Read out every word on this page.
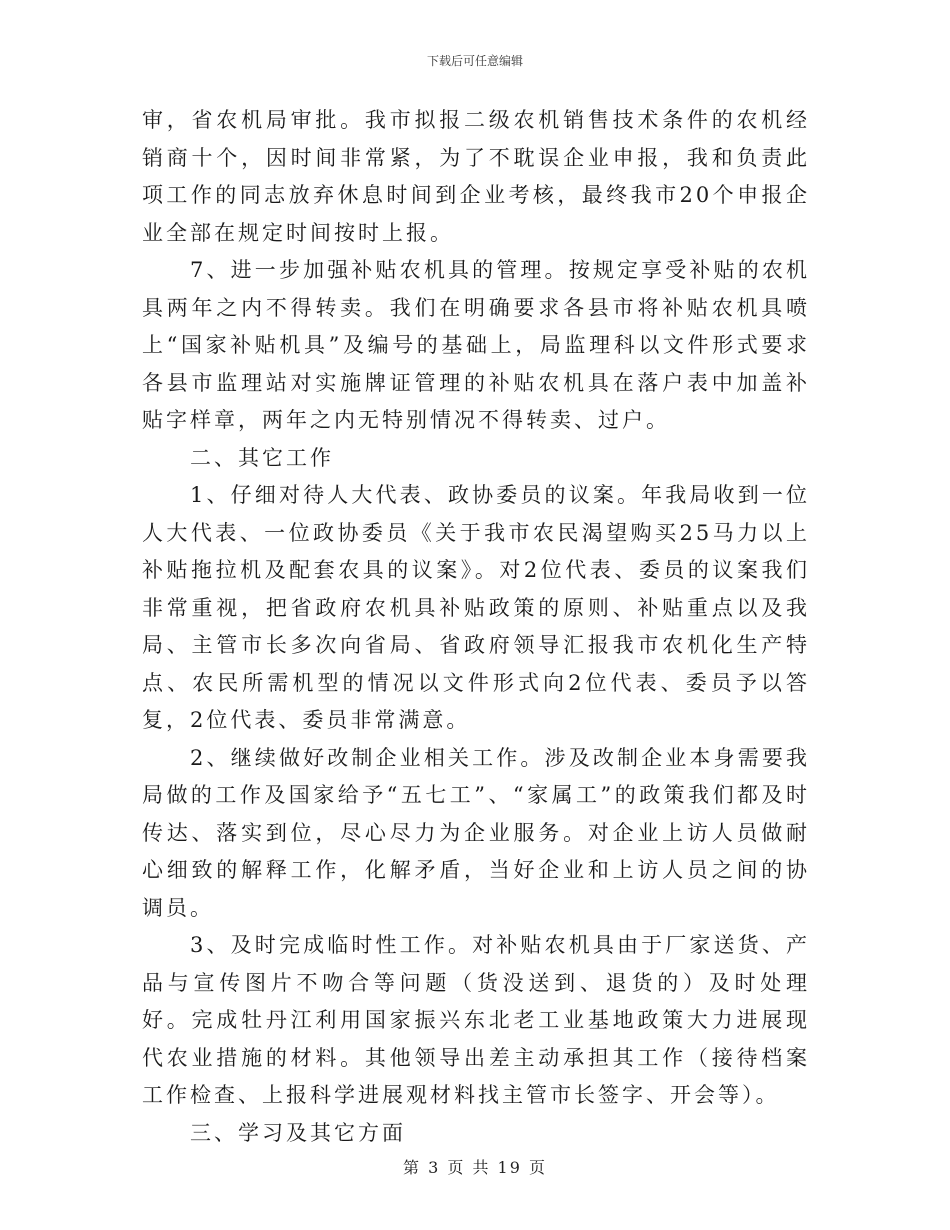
下载后可任意编辑

审，省农机局审批。我市拟报二级农机销售技术条件的农机经销商十个，因时间非常紧，为了不耽误企业申报，我和负责此项工作的同志放弃休息时间到企业考核，最终我市20个申报企业全部在规定时间按时上报。

7、进一步加强补贴农机具的管理。按规定享受补贴的农机具两年之内不得转卖。我们在明确要求各县市将补贴农机具喷上“国家补贴机具”及编号的基础上，局监理科以文件形式要求各县市监理站对实施牌证管理的补贴农机具在落户表中加盖补贴字样章，两年之内无特别情况不得转卖、过户。

二、其它工作

1、仔细对待人大代表、政协委员的议案。年我局收到一位人大代表、一位政协委员《关于我市农民渴望购买25马力以上补贴拖拉机及配套农具的议案》。对2位代表、委员的议案我们非常重视，把省政府农机具补贴政策的原则、补贴重点以及我局、主管市长多次向省局、省政府领导汇报我市农机化生产特点、农民所需机型的情况以文件形式向2位代表、委员予以答复，2位代表、委员非常满意。

2、继续做好改制企业相关工作。涉及改制企业本身需要我局做的工作及国家给予“五七工”、“家属工”的政策我们都及时传达、落实到位，尽心尽力为企业服务。对企业上访人员做耐心细致的解释工作，化解矛盾，当好企业和上访人员之间的协调员。

3、及时完成临时性工作。对补贴农机具由于厂家送货、产品与宣传图片不吻合等问题（货没送到、退货的）及时处理好。完成牡丹江利用国家振兴东北老工业基地政策大力进展现代农业措施的材料。其他领导出差主动承担其工作（接待档案工作检查、上报科学进展观材料找主管市长签字、开会等）。

三、学习及其它方面

第 3 页 共 19 页
